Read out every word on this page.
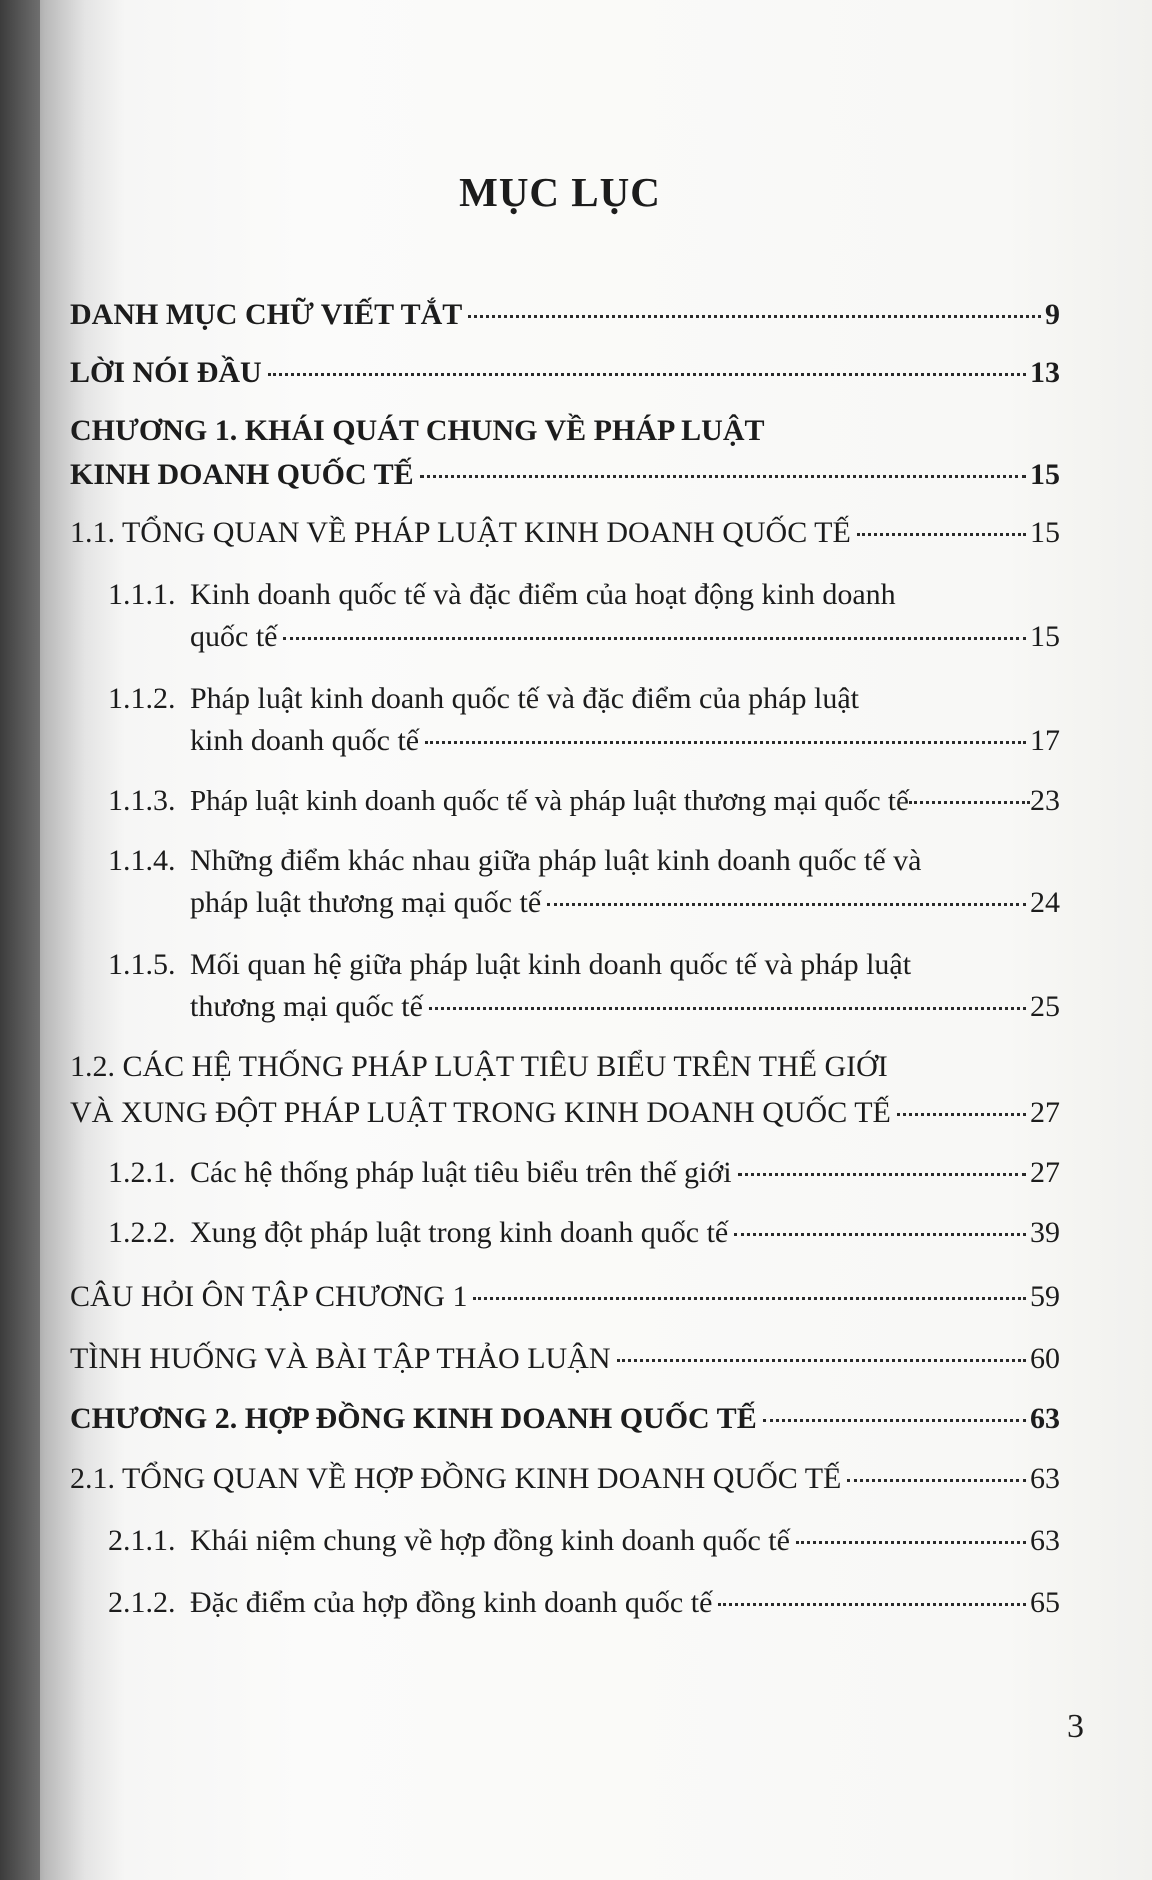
MỤC LỤC
DANH MỤC CHỮ VIẾT TẮT	9
LỜI NÓI ĐẦU	13
CHƯƠNG 1. KHÁI QUÁT CHUNG VỀ PHÁP LUẬT
KINH DOANH QUỐC TẾ	15
1.1. TỔNG QUAN VỀ PHÁP LUẬT KINH DOANH QUỐC TẾ	15
1.1.1. Kinh doanh quốc tế và đặc điểm của hoạt động kinh doanh
quốc tế	15
1.1.2. Pháp luật kinh doanh quốc tế và đặc điểm của pháp luật
kinh doanh quốc tế	17
1.1.3. Pháp luật kinh doanh quốc tế và pháp luật thương mại quốc tế	23
1.1.4. Những điểm khác nhau giữa pháp luật kinh doanh quốc tế và
pháp luật thương mại quốc tế	24
1.1.5. Mối quan hệ giữa pháp luật kinh doanh quốc tế và pháp luật
thương mại quốc tế	25
1.2. CÁC HỆ THỐNG PHÁP LUẬT TIÊU BIỂU TRÊN THẾ GIỚI
VÀ XUNG ĐỘT PHÁP LUẬT TRONG KINH DOANH QUỐC TẾ	27
1.2.1. Các hệ thống pháp luật tiêu biểu trên thế giới	27
1.2.2. Xung đột pháp luật trong kinh doanh quốc tế	39
CÂU HỎI ÔN TẬP CHƯƠNG 1	59
TÌNH HUỐNG VÀ BÀI TẬP THẢO LUẬN	60
CHƯƠNG 2. HỢP ĐỒNG KINH DOANH QUỐC TẾ	63
2.1. TỔNG QUAN VỀ HỢP ĐỒNG KINH DOANH QUỐC TẾ	63
2.1.1. Khái niệm chung về hợp đồng kinh doanh quốc tế	63
2.1.2. Đặc điểm của hợp đồng kinh doanh quốc tế	65
3
